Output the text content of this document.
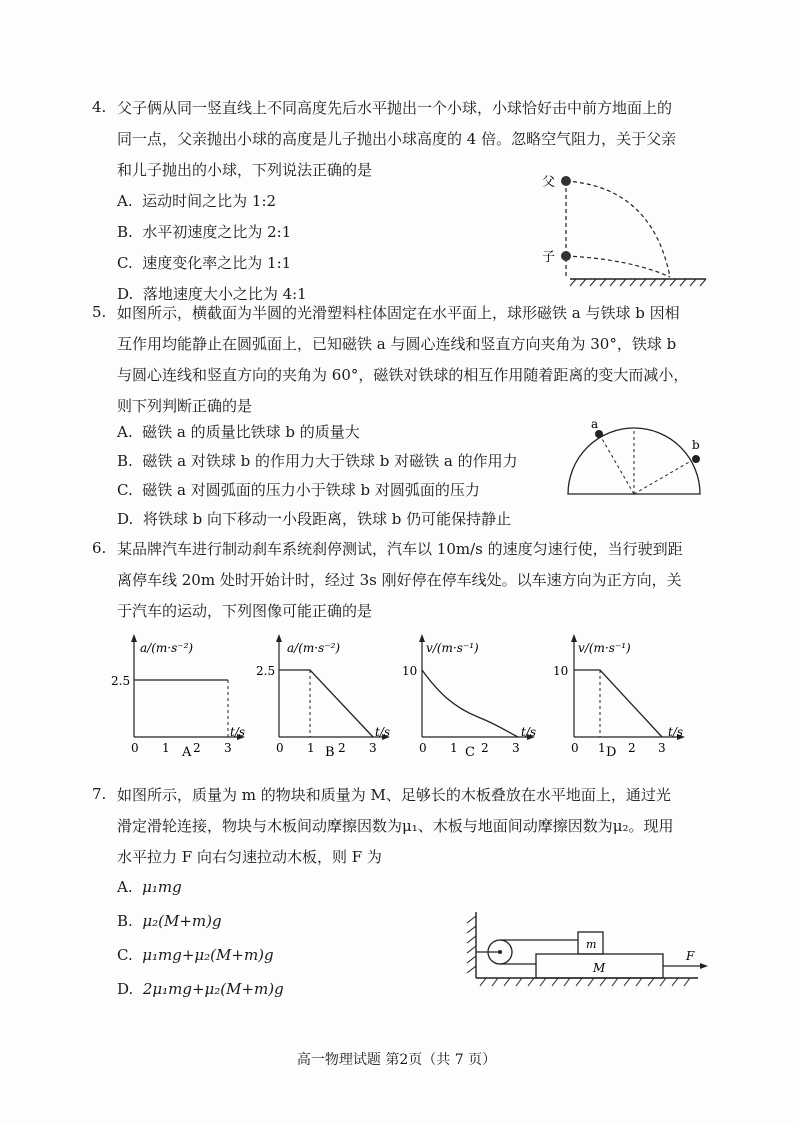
4. 父子俩从同一竖直线上不同高度先后水平抛出一个小球，小球恰好击中前方地面上的
同一点，父亲抛出小球的高度是儿子抛出小球高度的 4 倍。忽略空气阻力，关于父亲
和儿子抛出的小球，下列说法正确的是
A. 运动时间之比为 1:2
B. 水平初速度之比为 2:1
C. 速度变化率之比为 1:1
D. 落地速度大小之比为 4:1
父
子
5. 如图所示，横截面为半圆的光滑塑料柱体固定在水平面上，球形磁铁 a 与铁球 b 因相
互作用均能静止在圆弧面上，已知磁铁 a 与圆心连线和竖直方向夹角为 30°，铁球 b
与圆心连线和竖直方向的夹角为 60°，磁铁对铁球的相互作用随着距离的变大而减小，
则下列判断正确的是
A. 磁铁 a 的质量比铁球 b 的质量大
B. 磁铁 a 对铁球 b 的作用力大于铁球 b 对磁铁 a 的作用力
C. 磁铁 a 对圆弧面的压力小于铁球 b 对圆弧面的压力
D. 将铁球 b 向下移动一小段距离，铁球 b 仍可能保持静止
a
b
6. 某品牌汽车进行制动刹车系统刹停测试，汽车以 10m/s 的速度匀速行使，当行驶到距
离停车线 20m 处时开始计时，经过 3s 刚好停在停车线处。以车速方向为正方向，关
于汽车的运动，下列图像可能正确的是
a/(m·s⁻²)
2.5
0 1 2 3
t/s
A
a/(m·s⁻²)
2.5
0 1 2 3
t/s
B
v/(m·s⁻¹)
10
0 1 2 3
t/s
C
v/(m·s⁻¹)
10
0 1 2 3
t/s
D
7. 如图所示，质量为 m 的物块和质量为 M、足够长的木板叠放在水平地面上，通过光
滑定滑轮连接，物块与木板间动摩擦因数为μ₁、木板与地面间动摩擦因数为μ₂。现用
水平拉力 F 向右匀速拉动木板，则 F 为
A. μ₁mg
B. μ₂(M+m)g
C. μ₁mg+μ₂(M+m)g
D. 2μ₁mg+μ₂(M+m)g
m
M
F
高一物理试题 第2页（共 7 页）
